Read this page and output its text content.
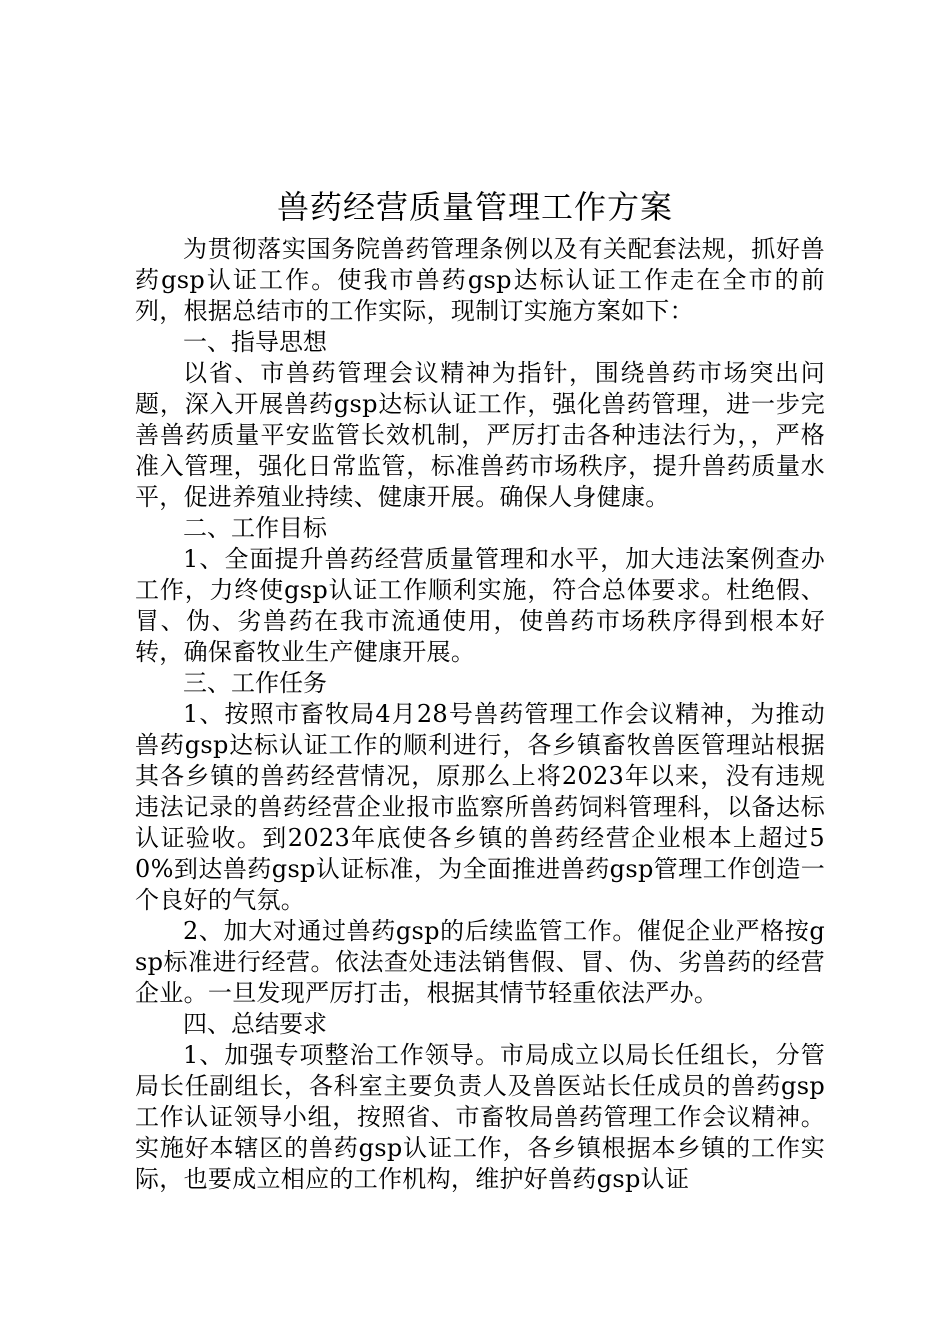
兽药经营质量管理工作方案

为贯彻落实国务院兽药管理条例以及有关配套法规，抓好兽药gsp认证工作。使我市兽药gsp达标认证工作走在全市的前列，根据总结市的工作实际，现制订实施方案如下：

一、指导思想

以省、市兽药管理会议精神为指针，围绕兽药市场突出问题，深入开展兽药gsp达标认证工作，强化兽药管理，进一步完善兽药质量平安监管长效机制，严厉打击各种违法行为，，严格准入管理，强化日常监管，标准兽药市场秩序，提升兽药质量水平，促进养殖业持续、健康开展。确保人身健康。

二、工作目标

1、全面提升兽药经营质量管理和水平，加大违法案例查办工作，力终使gsp认证工作顺利实施，符合总体要求。杜绝假、冒、伪、劣兽药在我市流通使用，使兽药市场秩序得到根本好转，确保畜牧业生产健康开展。

三、工作任务

1、按照市畜牧局4月28号兽药管理工作会议精神，为推动兽药gsp达标认证工作的顺利进行，各乡镇畜牧兽医管理站根据其各乡镇的兽药经营情况，原那么上将2023年以来，没有违规违法记录的兽药经营企业报市监察所兽药饲料管理科，以备达标认证验收。到2023年底使各乡镇的兽药经营企业根本上超过50%到达兽药gsp认证标准，为全面推进兽药gsp管理工作创造一个良好的气氛。

2、加大对通过兽药gsp的后续监管工作。催促企业严格按gsp标准进行经营。依法查处违法销售假、冒、伪、劣兽药的经营企业。一旦发现严厉打击，根据其情节轻重依法严办。

四、总结要求

1、加强专项整治工作领导。市局成立以局长任组长，分管局长任副组长，各科室主要负责人及兽医站长任成员的兽药gsp工作认证领导小组，按照省、市畜牧局兽药管理工作会议精神。实施好本辖区的兽药gsp认证工作，各乡镇根据本乡镇的工作实际，也要成立相应的工作机构，维护好兽药gsp认证
